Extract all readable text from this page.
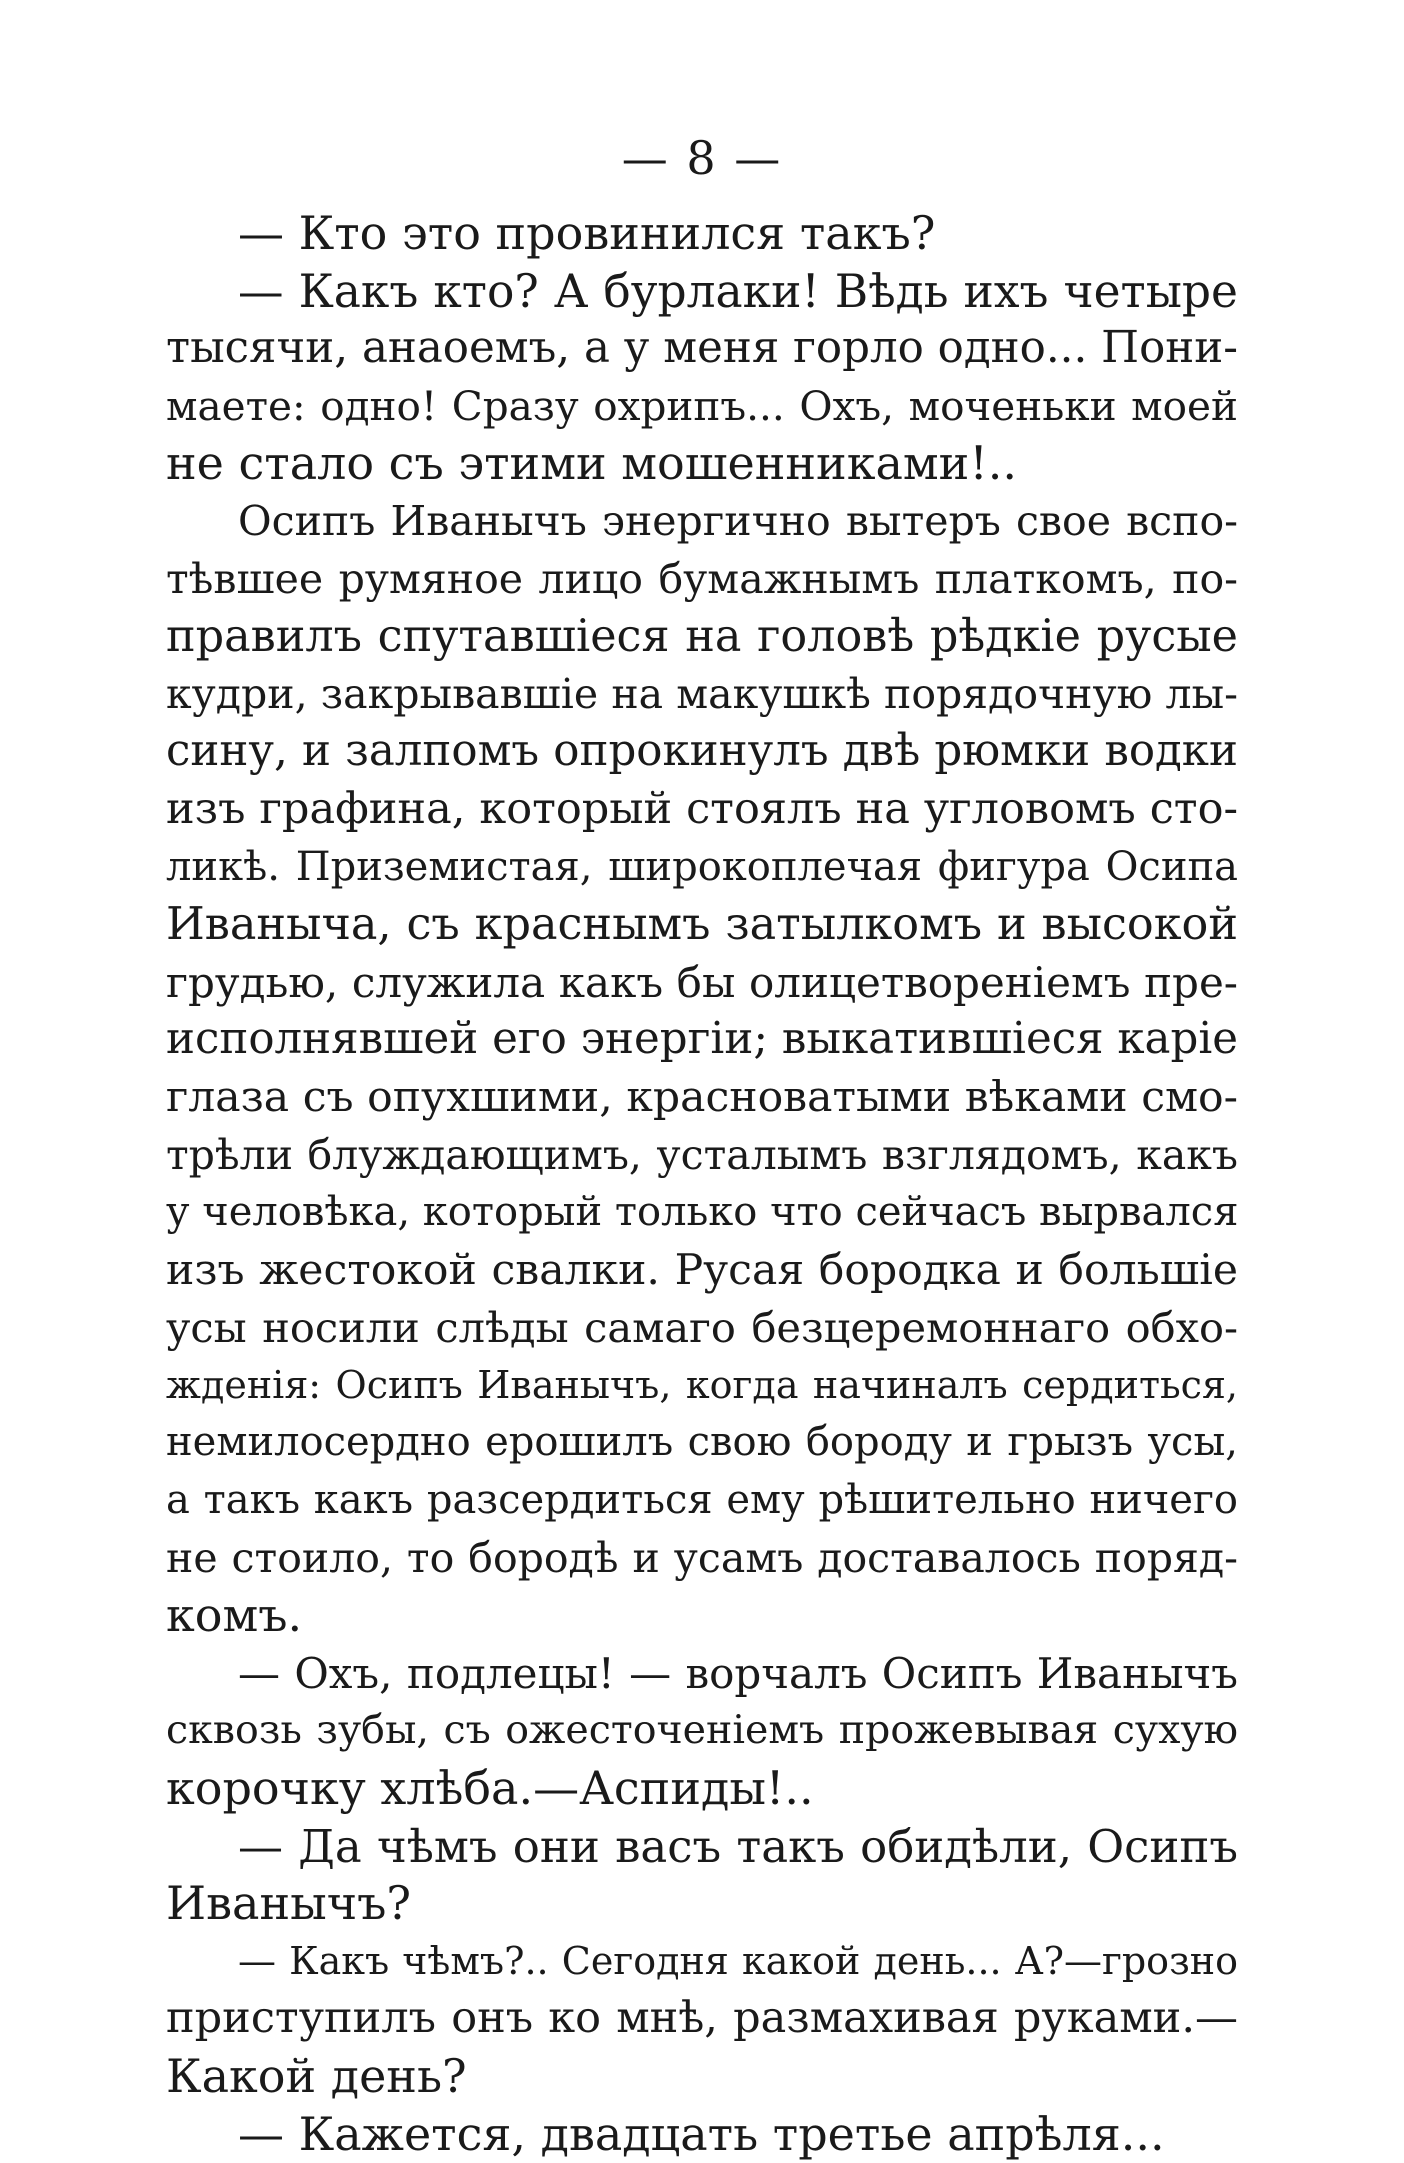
— 8 —
— Кто это провинился такъ?
— Какъ кто? А бурлаки! Вѣдь ихъ четыре
тысячи, анаоемъ, а у меня горло одно... Пони-
маете: одно! Сразу охрипъ... Охъ, моченьки моей
не стало съ этими мошенниками!..
Осипъ Иванычъ энергично вытеръ свое вспо-
тѣвшее румяное лицо бумажнымъ платкомъ, по-
правилъ спутавшіеся на головѣ рѣдкіе русые
кудри, закрывавшіе на макушкѣ порядочную лы-
сину, и залпомъ опрокинулъ двѣ рюмки водки
изъ графина, который стоялъ на угловомъ сто-
ликѣ. Приземистая, широкоплечая фигура Осипа
Иваныча, съ краснымъ затылкомъ и высокой
грудью, служила какъ бы олицетвореніемъ пре-
исполнявшей его энергіи; выкатившіеся каріе
глаза съ опухшими, красноватыми вѣками смо-
трѣли блуждающимъ, усталымъ взглядомъ, какъ
у человѣка, который только что сейчасъ вырвался
изъ жестокой свалки. Русая бородка и большіе
усы носили слѣды самаго безцеремоннаго обхо-
жденія: Осипъ Иванычъ, когда начиналъ сердиться,
немилосердно ерошилъ свою бороду и грызъ усы,
а такъ какъ разсердиться ему рѣшительно ничего
не стоило, то бородѣ и усамъ доставалось поряд-
комъ.
— Охъ, подлецы! — ворчалъ Осипъ Иванычъ
сквозь зубы, съ ожесточеніемъ прожевывая сухую
корочку хлѣба.—Аспиды!..
— Да чѣмъ они васъ такъ обидѣли, Осипъ
Иванычъ?
— Какъ чѣмъ?.. Сегодня какой день... А?—грозно
приступилъ онъ ко мнѣ, размахивая руками.—
Какой день?
— Кажется, двадцать третье апрѣля...
